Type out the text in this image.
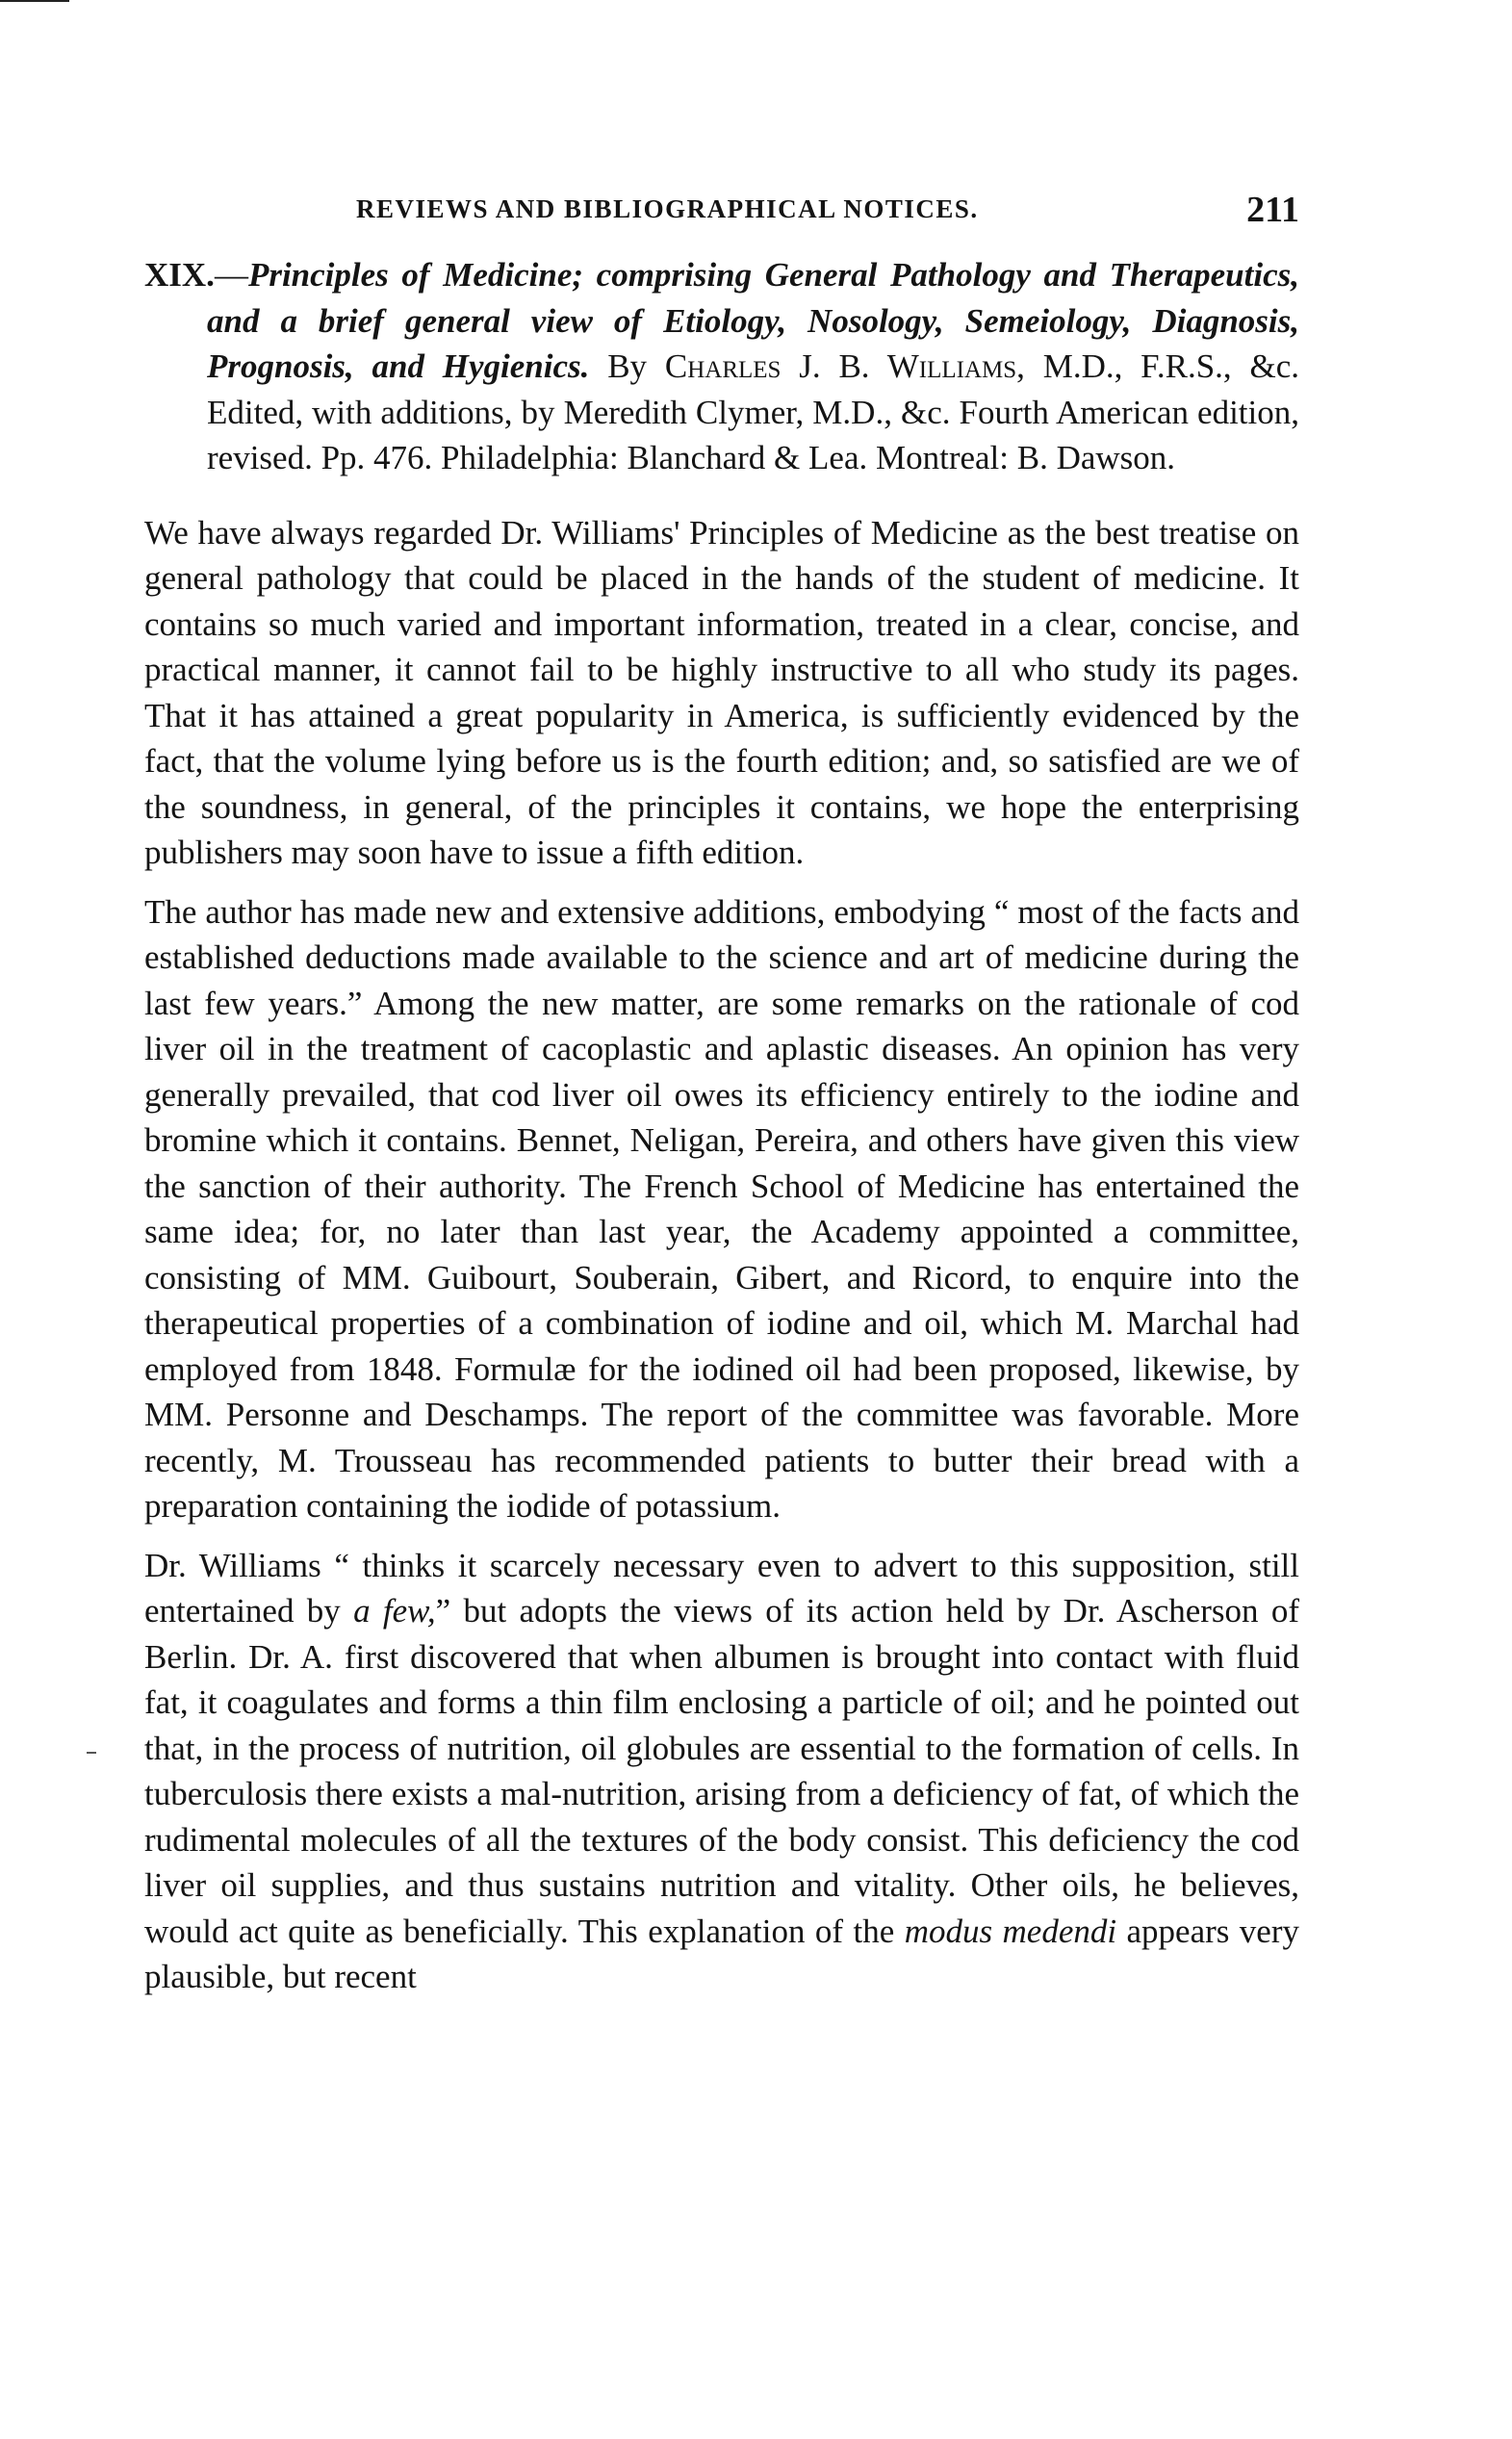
REVIEWS AND BIBLIOGRAPHICAL NOTICES.	211

XIX.—Principles of Medicine; comprising General Pathology and Therapeutics, and a brief general view of Etiology, Nosology, Semeiology, Diagnosis, Prognosis, and Hygienics. By Charles J. B. Williams, M.D., F.R.S., &c. Edited, with additions, by Meredith Clymer, M.D., &c. Fourth American edition, revised. Pp. 476. Philadelphia: Blanchard & Lea. Montreal: B. Dawson.

We have always regarded Dr. Williams' Principles of Medicine as the best treatise on general pathology that could be placed in the hands of the student of medicine. It contains so much varied and important information, treated in a clear, concise, and practical manner, it cannot fail to be highly instructive to all who study its pages. That it has attained a great popularity in America, is sufficiently evidenced by the fact, that the volume lying before us is the fourth edition; and, so satisfied are we of the soundness, in general, of the principles it contains, we hope the enterprising publishers may soon have to issue a fifth edition.

The author has made new and extensive additions, embodying “ most of the facts and established deductions made available to the science and art of medicine during the last few years.” Among the new matter, are some remarks on the rationale of cod liver oil in the treatment of cacoplastic and aplastic diseases. An opinion has very generally prevailed, that cod liver oil owes its efficiency entirely to the iodine and bromine which it contains. Bennet, Neligan, Pereira, and others have given this view the sanction of their authority. The French School of Medicine has entertained the same idea; for, no later than last year, the Academy appointed a committee, consisting of MM. Guibourt, Souberain, Gibert, and Ricord, to enquire into the therapeutical properties of a combination of iodine and oil, which M. Marchal had employed from 1848. Formulæ for the iodined oil had been proposed, likewise, by MM. Personne and Deschamps. The report of the committee was favorable. More recently, M. Trousseau has recommended patients to butter their bread with a preparation containing the iodide of potassium.

Dr. Williams “ thinks it scarcely necessary even to advert to this supposition, still entertained by a few,” but adopts the views of its action held by Dr. Ascherson of Berlin. Dr. A. first discovered that when albumen is brought into contact with fluid fat, it coagulates and forms a thin film enclosing a particle of oil; and he pointed out that, in the process of nutrition, oil globules are essential to the formation of cells. In tuberculosis there exists a mal-nutrition, arising from a deficiency of fat, of which the rudimental molecules of all the textures of the body consist. This deficiency the cod liver oil supplies, and thus sustains nutrition and vitality. Other oils, he believes, would act quite as beneficially. This explanation of the modus medendi appears very plausible, but recent
